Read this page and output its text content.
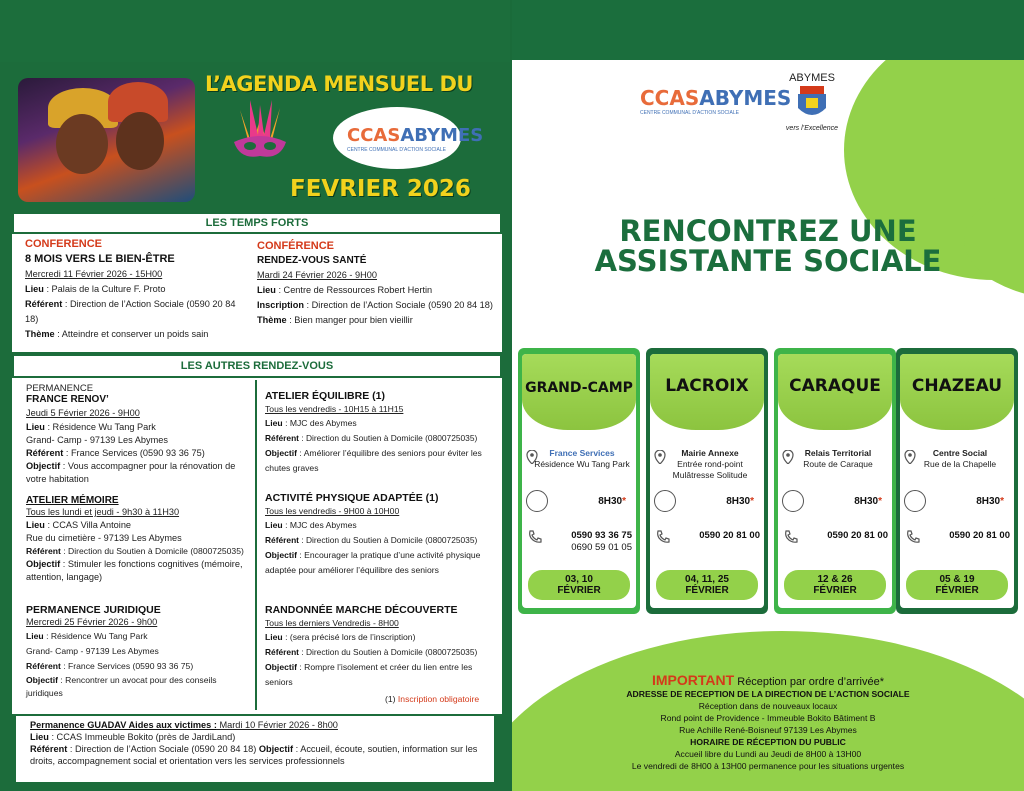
L’AGENDA MENSUEL DU
CCASABYMES
CENTRE COMMUNAL D’ACTION SOCIALE
FEVRIER 2026
LES TEMPS FORTS
CONFERENCE
8 MOIS VERS LE BIEN-ÊTRE
Mercredi 11 Février 2026 - 15H00
Lieu : Palais de la Culture F. Proto
Référent : Direction de l’Action Sociale (0590 20 84 18)
Thème : Atteindre et conserver un poids sain
CONFÉRENCE
RENDEZ-VOUS SANTÉ
Mardi 24 Février 2026 - 9H00
Lieu : Centre de Ressources Robert Hertin
Inscription : Direction de l’Action Sociale (0590 20 84 18)
Thème : Bien manger pour bien vieillir
LES AUTRES RENDEZ-VOUS
PERMANENCE
FRANCE RENOV’
Jeudi 5 Février 2026 - 9H00
Lieu : Résidence Wu Tang Park
Grand- Camp - 97139 Les Abymes
Référent : France Services (0590 93 36 75)
Objectif : Vous accompagner pour la rénovation de votre habitation
ATELIER MÉMOIRE
Tous les lundi et jeudi - 9h30 à 11H30
Lieu : CCAS Villa Antoine
Rue du cimetière - 97139 Les Abymes
Référent : Direction du Soutien à Domicile (0800725035)
Objectif : Stimuler les fonctions cognitives (mémoire, attention, langage)
PERMANENCE JURIDIQUE
Mercredi 25 Février 2026 - 9h00
Lieu : Résidence Wu Tang Park
Grand- Camp - 97139 Les Abymes
Référent : France Services (0590 93 36 75)
Objectif : Rencontrer un avocat pour des conseils juridiques
ATELIER ÉQUILIBRE (1)
Tous les vendredis - 10H15 à 11H15
Lieu : MJC des Abymes
Référent : Direction du Soutien à Domicile (0800725035)
Objectif : Améliorer l’équilibre des seniors pour éviter les chutes graves
ACTIVITÉ PHYSIQUE ADAPTÉE (1)
Tous les vendredis - 9H00 à 10H00
Lieu : MJC des Abymes
Référent : Direction du Soutien à Domicile (0800725035)
Objectif : Encourager la pratique d’une activité physique adaptée pour améliorer l’équilibre des seniors
RANDONNÉE MARCHE DÉCOUVERTE
Tous les derniers Vendredis - 8H00
Lieu : (sera précisé lors de l’inscription)
Référent : Direction du Soutien à Domicile (0800725035)
Objectif : Rompre l’isolement et créer du lien entre les seniors
(1) Inscription obligatoire
Permanence GUADAV Aides aux victimes : Mardi 10 Février 2026 - 8h00
Lieu : CCAS Immeuble Bokito (près de JardiLand)
Référent : Direction de l’Action Sociale (0590 20 84 18) Objectif : Accueil, écoute, soutien, information sur les droits, accompagnement social et orientation vers les services professionnels
CCASABYMES
CENTRE COMMUNAL D’ACTION SOCIALE
ABYMES
vers l’Excellence
RENCONTREZ UNE
ASSISTANTE SOCIALE
GRAND-CAMP
France Services
Résidence Wu Tang Park
8H30*
0590 93 36 75
0690 59 01 05
03, 10
FÉVRIER
LACROIX
Mairie Annexe
Entrée rond-point Mulâtresse Solitude
8H30*
0590 20 81 00
04, 11, 25
FÉVRIER
CARAQUE
Relais Territorial
Route de Caraque
8H30*
0590 20 81 00
12 & 26
FÉVRIER
CHAZEAU
Centre Social
Rue de la Chapelle
8H30*
0590 20 81 00
05 & 19
FÉVRIER
IMPORTANT Réception par ordre d’arrivée*
ADRESSE DE RECEPTION DE LA DIRECTION DE L’ACTION SOCIALE
Réception dans de nouveaux locaux
Rond point de Providence - Immeuble Bokito Bâtiment B
Rue Achille René-Boisneuf 97139 Les Abymes
HORAIRE DE RÉCEPTION DU PUBLIC
Accueil libre du Lundi au Jeudi de 8H00 à 13H00
Le vendredi de 8H00 à 13H00 permanence pour les situations urgentes
